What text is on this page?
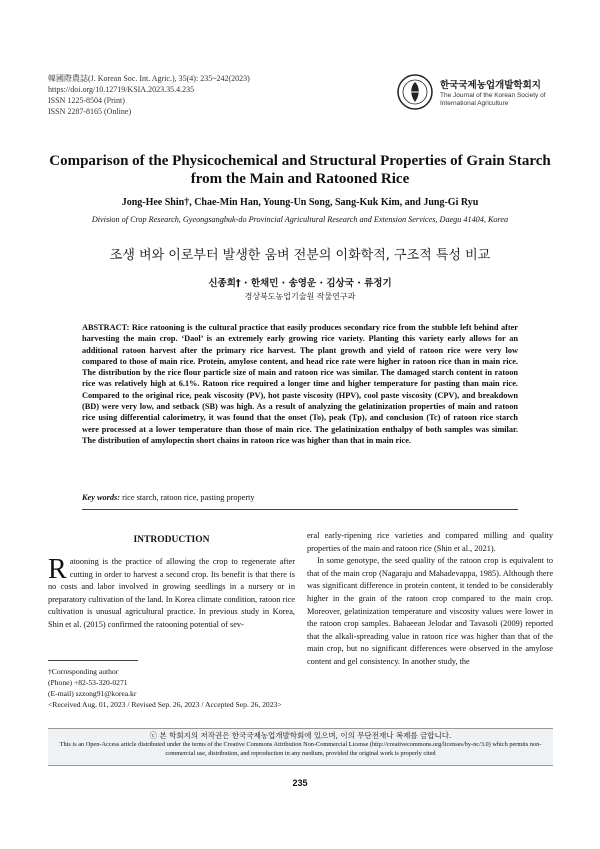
韓國際農誌(J. Korean Soc. Int. Agric.), 35(4): 235~242(2023)
https://doi.org/10.12719/KSIA.2023.35.4.235
ISSN 1225-8504 (Print)
ISSN 2287-8165 (Online)
한국국제농업개발학회지
The Journal of the Korean Society of International Agriculture
Comparison of the Physicochemical and Structural Properties of Grain Starch from the Main and Ratooned Rice
Jong-Hee Shin†, Chae-Min Han, Young-Un Song, Sang-Kuk Kim, and Jung-Gi Ryu
Division of Crop Research, Gyeongsangbuk-do Provincial Agricultural Research and Extension Services, Daegu 41404, Korea
조생 벼와 이로부터 발생한 움벼 전분의 이화학적, 구조적 특성 비교
신종희† · 한채민 · 송영운 · 김상국 · 류정기
경상북도농업기술원 작물연구과
ABSTRACT: Rice ratooning is the cultural practice that easily produces secondary rice from the stubble left behind after harvesting the main crop. ‘Daol’ is an extremely early growing rice variety. Planting this variety early allows for an additional ratoon harvest after the primary rice harvest. The plant growth and yield of ratoon rice were very low compared to those of main rice. Protein, amylose content, and head rice rate were higher in ratoon rice than in main rice. The distribution by the rice flour particle size of main and ratoon rice was similar. The damaged starch content in ratoon rice was relatively high at 6.1%. Ratoon rice required a longer time and higher temperature for pasting than main rice. Compared to the original rice, peak viscosity (PV), hot paste viscosity (HPV), cool paste viscosity (CPV), and breakdown (BD) were very low, and setback (SB) was high. As a result of analyzing the gelatinization properties of main and ratoon rice using differential calorimetry, it was found that the onset (To), peak (Tp), and conclusion (Tc) of ratoon rice starch were processed at a lower temperature than those of main rice. The gelatinization enthalpy of both samples was similar. The distribution of amylopectin short chains in ratoon rice was higher than that in main rice.
Key words: rice starch, ratoon rice, pasting property
INTRODUCTION
R atooning is the practice of allowing the crop to regenerate after cutting in order to harvest a second crop. Its benefit is that there is no costs and labor involved in growing seedlings in a nursery or in preparatory cultivation of the land. In Korea climate condition, ratoon rice cultivation is unusual agricultural practice. In previous study in Korea, Shin et al. (2015) confirmed the ratooning potential of sev-
eral early-ripening rice varieties and compared milling and quality properties of the main and ratoon rice (Shin et al., 2021).
In some genotype, the seed quality of the ratoon crop is equivalent to that of the main crop (Nagaraju and Mahadevappa, 1985). Although there was significant difference in protein content, it tended to be considerably higher in the grain of the ratoon crop compared to the main crop. Moreover, gelatinization temperature and viscosity values were lower in the ratoon crop samples. Babaeean Jelodar and Tavasoli (2009) reported that the alkali-spreading value in ratoon rice was higher than that of the main crop, but no significant differences were observed in the amylose content and gel consistency. In another study, the
†Corresponding author
(Phone) +82-53-320-0271
(E-mail) szzong91@korea.kr
<Received Aug. 01, 2023 / Revised Sep. 26, 2023 / Accepted Sep. 26, 2023>
ⓒ 본 학회지의 저작권은 한국국제농업개발학회에 있으며, 이의 무단전재나 복제를 금합니다.
This is an Open-Access article distributed under the terms of the Creative Commons Attribution Non-Commercial License (http://creativecommons.org/licenses/by-nc/3.0) which permits non-commercial use, distribution, and reproduction in any medium, provided the original work is properly cited
235
